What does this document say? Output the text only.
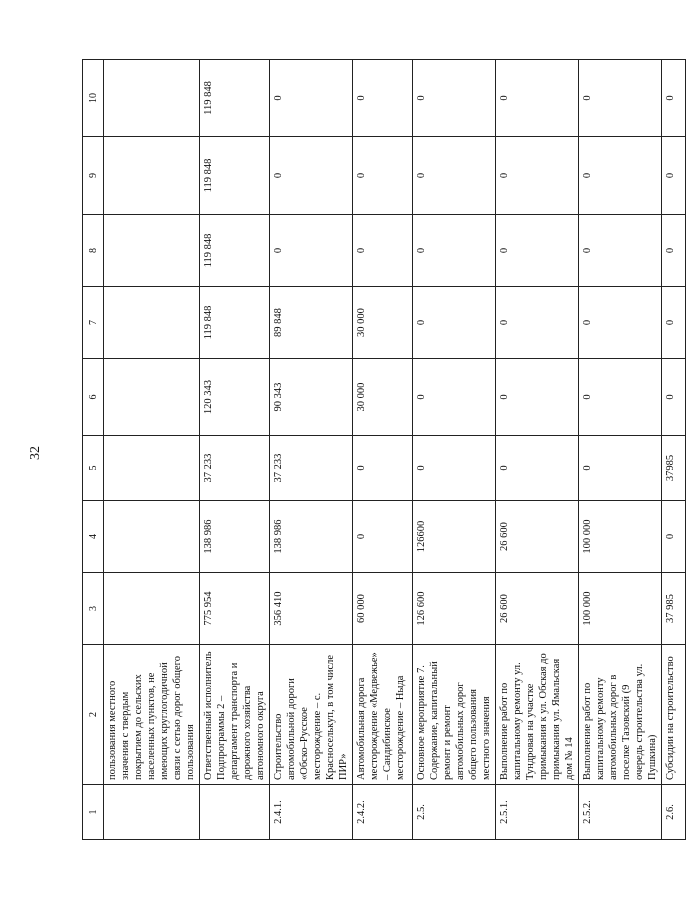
32
1	2	3	4	5	6	7	8	9	10
	пользования местного значения с твердым покрытием до сельских населенных пунктов, не имеющих круглогодичной связи с сетью дорог общего пользования								
	Ответственный исполнитель Подпрограммы 2 – департамент транспорта и дорожного хозяйства автономного округа	775 954	138 986	37 233	120 343	119 848	119 848	119 848	119 848
2.4.1.	Строительство автомобильной дороги «Обско–Русское месторождение – с. Красноселькуп, в том числе ПИР»	356 410	138 986	37 233	90 343	89 848	0	0	0
2.4.2.	Автомобильная дорога месторождение «Медвежье» – Сандибинское месторождение – Ныда	60 000	0	0	30 000	30 000	0	0	0
2.5.	Основное мероприятие 7. Содержание, капитальный ремонт и ремонт автомобильных дорог общего пользования местного значения	126 600	126600	0	0	0	0	0	0
2.5.1.	Выполнение работ по капитальному ремонту ул. Тундровая на участке примыкания к ул. Обская до примыкания ул. Ямальская дом № 14	26 600	26 600	0	0	0	0	0	0
2.5.2.	Выполнение работ по капитальному ремонту автомобильных дорог в поселке Тазовский (9 очередь строительства ул. Пушкина)	100 000	100 000	0	0	0	0	0	0
2.6.	Субсидии на строительство	37 985	0	37985	0	0	0	0	0
